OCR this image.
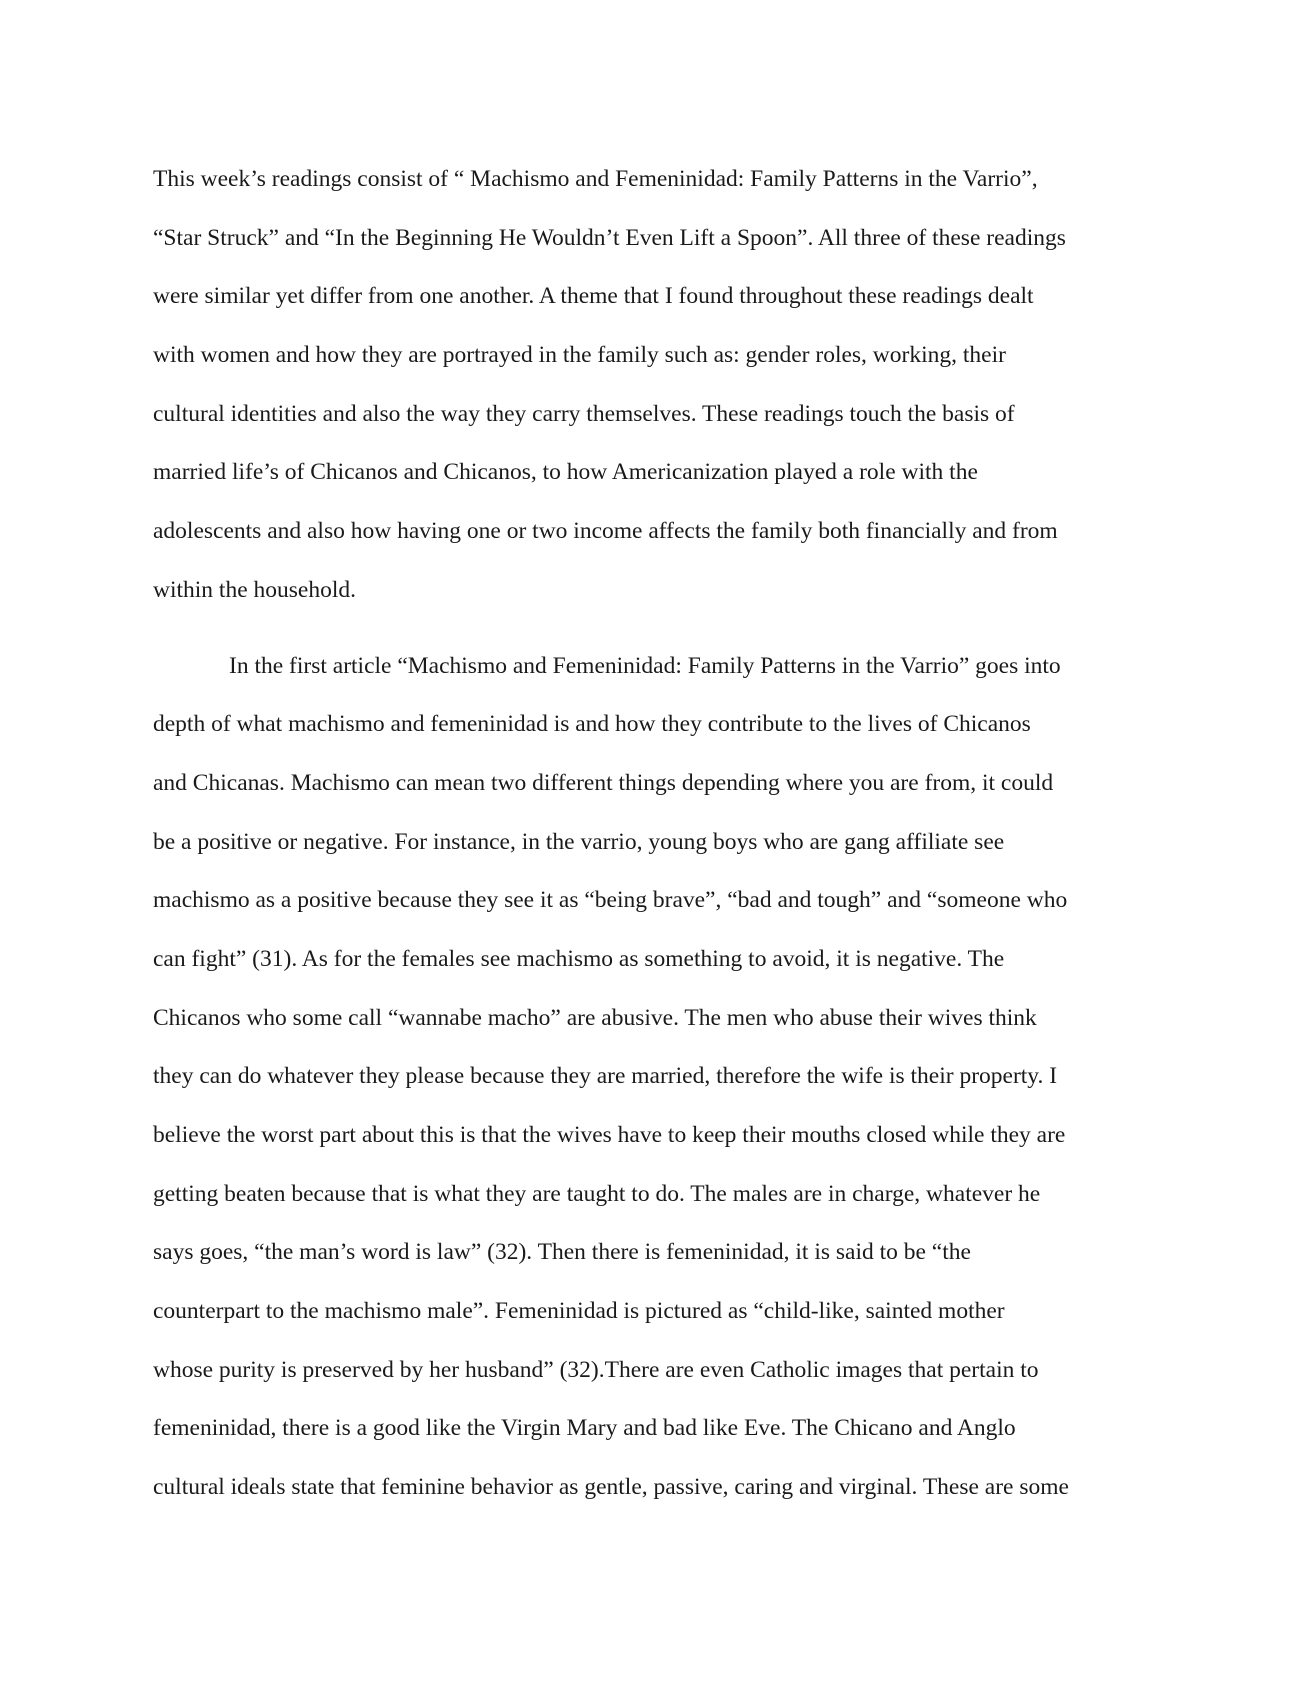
This week’s readings consist of “ Machismo and Femeninidad: Family Patterns in the Varrio”,
“Star Struck” and “In the Beginning He Wouldn’t Even Lift a Spoon”. All three of these readings
were similar yet differ from one another. A theme that I found throughout these readings dealt
with women and how they are portrayed in the family such as: gender roles, working, their
cultural identities and also the way they carry themselves. These readings touch the basis of
married life’s of Chicanos and Chicanos, to how Americanization played a role with the
adolescents and also how having one or two income affects the family both financially and from
within the household.
In the first article “Machismo and Femeninidad: Family Patterns in the Varrio” goes into
depth of what machismo and femeninidad is and how they contribute to the lives of Chicanos
and Chicanas. Machismo can mean two different things depending where you are from, it could
be a positive or negative. For instance, in the varrio, young boys who are gang affiliate see
machismo as a positive because they see it as “being brave”, “bad and tough” and “someone who
can fight” (31). As for the females see machismo as something to avoid, it is negative. The
Chicanos who some call “wannabe macho” are abusive. The men who abuse their wives think
they can do whatever they please because they are married, therefore the wife is their property. I
believe the worst part about this is that the wives have to keep their mouths closed while they are
getting beaten because that is what they are taught to do. The males are in charge, whatever he
says goes, “the man’s word is law” (32). Then there is femeninidad, it is said to be “the
counterpart to the machismo male”. Femeninidad is pictured as “child-like, sainted mother
whose purity is preserved by her husband” (32).There are even Catholic images that pertain to
femeninidad, there is a good like the Virgin Mary and bad like Eve. The Chicano and Anglo
cultural ideals state that feminine behavior as gentle, passive, caring and virginal. These are some
